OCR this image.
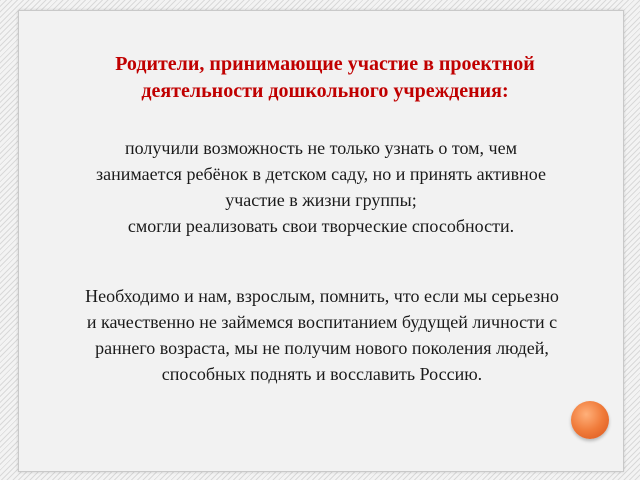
Родители, принимающие участие в проектной
деятельности дошкольного учреждения:
получили возможность не только узнать о том, чем
занимается ребёнок в детском саду, но и принять активное
участие в жизни группы;
смогли реализовать свои творческие способности.
Необходимо и нам, взрослым, помнить, что если мы серьезно
и качественно не займемся воспитанием будущей личности с
раннего возраста, мы не получим нового поколения людей,
способных поднять и восславить Россию.
